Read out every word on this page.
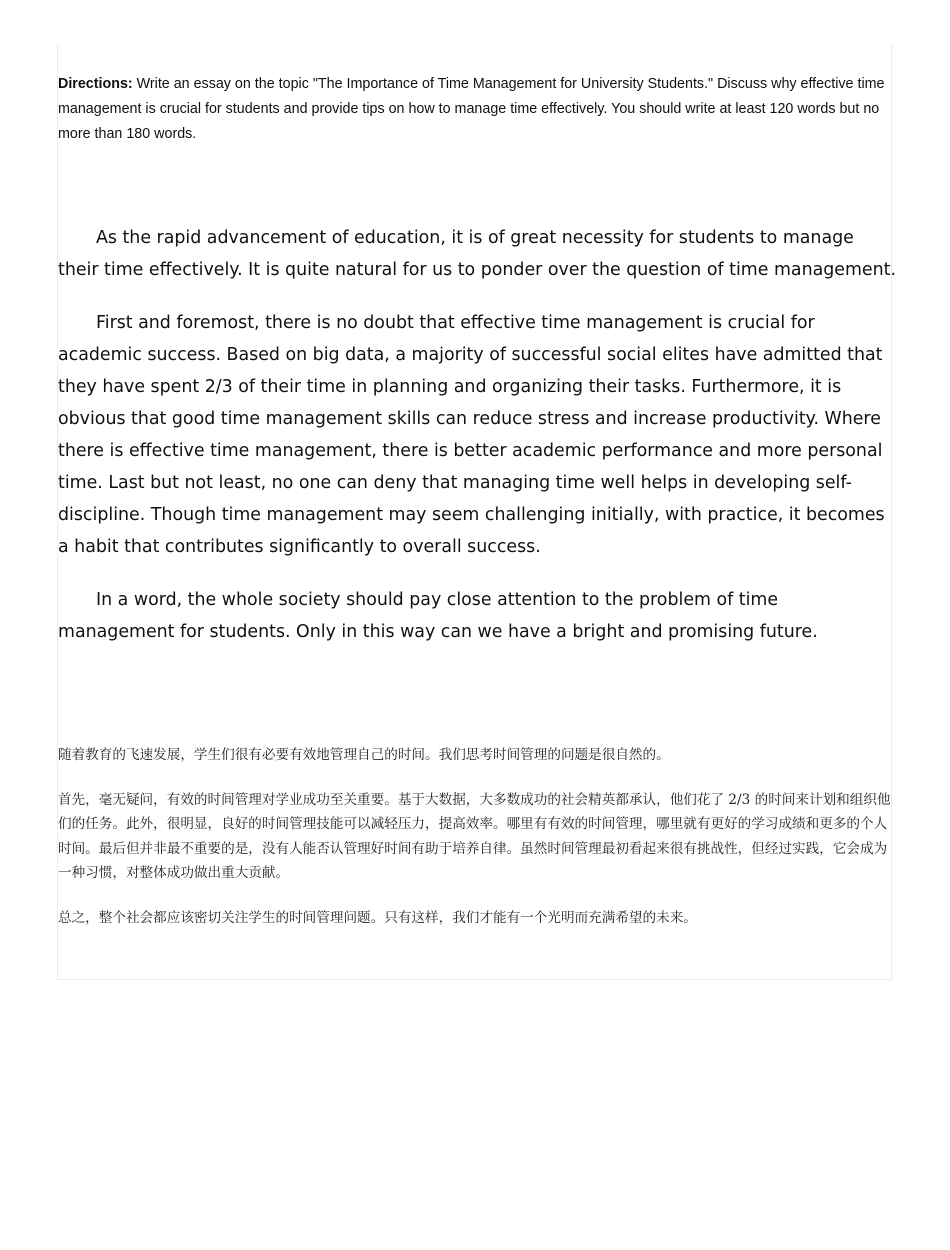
Directions: Write an essay on the topic "The Importance of Time Management for University Students." Discuss why effective time management is crucial for students and provide tips on how to manage time effectively. You should write at least 120 words but no more than 180 words.

As the rapid advancement of education, it is of great necessity for students to manage their time effectively. It is quite natural for us to ponder over the question of time management.

First and foremost, there is no doubt that effective time management is crucial for academic success. Based on big data, a majority of successful social elites have admitted that they have spent 2/3 of their time in planning and organizing their tasks. Furthermore, it is obvious that good time management skills can reduce stress and increase productivity. Where there is effective time management, there is better academic performance and more personal time. Last but not least, no one can deny that managing time well helps in developing self-discipline. Though time management may seem challenging initially, with practice, it becomes a habit that contributes significantly to overall success.

In a word, the whole society should pay close attention to the problem of time management for students. Only in this way can we have a bright and promising future.

随着教育的飞速发展，学生们很有必要有效地管理自己的时间。我们思考时间管理的问题是很自然的。

首先，毫无疑问，有效的时间管理对学业成功至关重要。基于大数据，大多数成功的社会精英都承认，他们花了 2/3 的时间来计划和组织他们的任务。此外，很明显，良好的时间管理技能可以减轻压力，提高效率。哪里有有效的时间管理，哪里就有更好的学习成绩和更多的个人时间。最后但并非最不重要的是，没有人能否认管理好时间有助于培养自律。虽然时间管理最初看起来很有挑战性，但经过实践，它会成为一种习惯，对整体成功做出重大贡献。

总之，整个社会都应该密切关注学生的时间管理问题。只有这样，我们才能有一个光明而充满希望的未来。
